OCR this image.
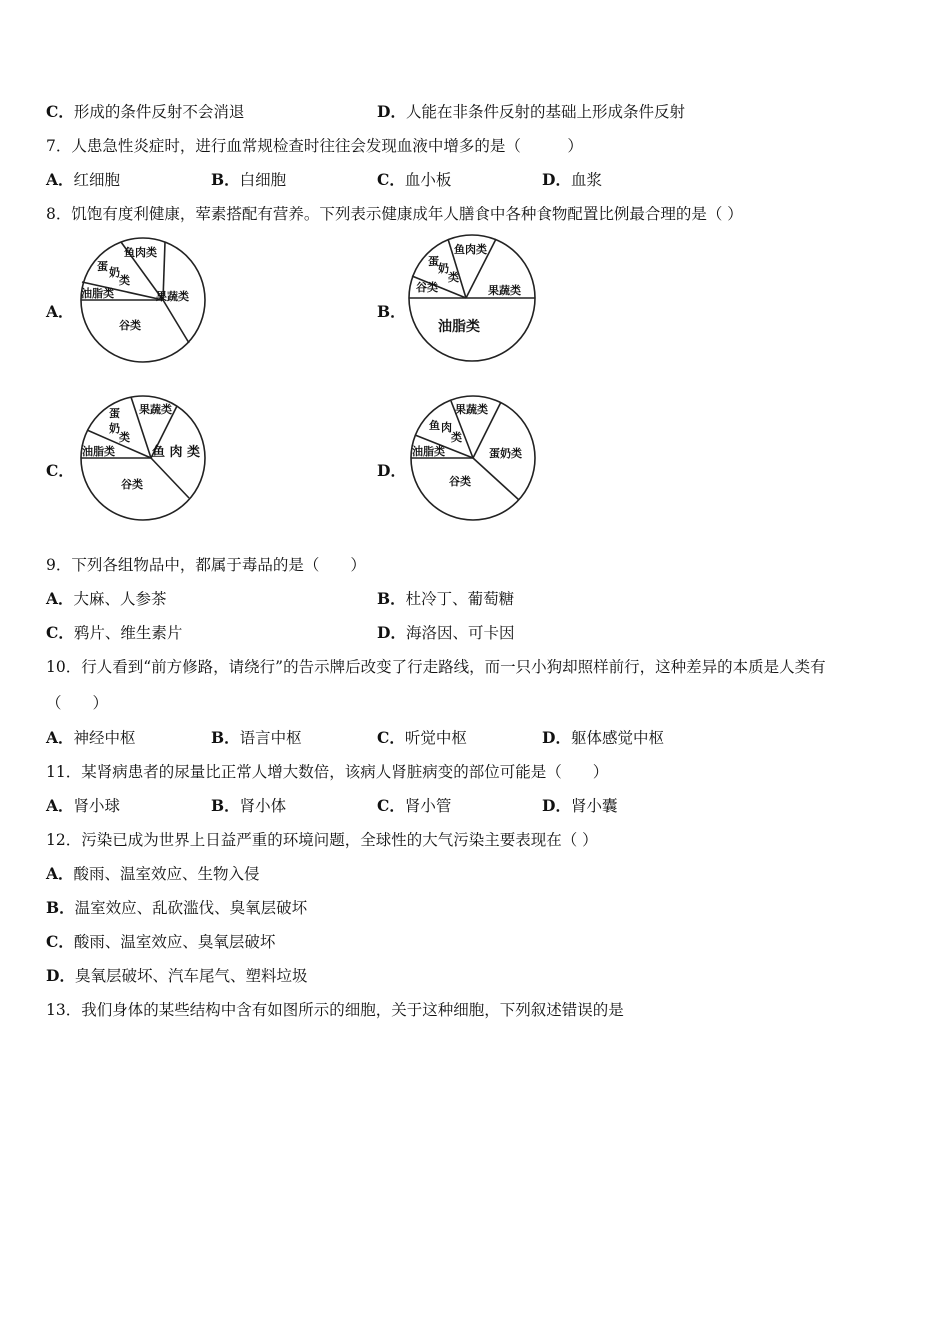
C．形成的条件反射不会消退	D．人能在非条件反射的基础上形成条件反射
7．人患急性炎症时，进行血常规检查时往往会发现血液中增多的是（　　　）
A．红细胞	B．白细胞	C．血小板	D．血浆
8．饥饱有度利健康，荤素搭配有营养。下列表示健康成年人膳食中各种食物配置比例最合理的是（ ）
A．
鱼肉类
蛋 奶
类
油脂类	果蔬类
谷类
B．
鱼肉类
蛋
奶
类
谷类	果蔬类
油脂类
C．
果蔬类
蛋
奶
类
油脂类	鱼 肉 类
谷类
D．
果蔬类
鱼 肉
类
油脂类	蛋奶类
谷类
9．下列各组物品中，都属于毒品的是（　　）
A．大麻、人参茶	B．杜冷丁、葡萄糖
C．鸦片、维生素片	D．海洛因、可卡因
10．行人看到“前方修路，请绕行”的告示牌后改变了行走路线，而一只小狗却照样前行，这种差异的本质是人类有
（　　）
A．神经中枢	B．语言中枢	C．听觉中枢	D．躯体感觉中枢
11．某肾病患者的尿量比正常人增大数倍，该病人肾脏病变的部位可能是（　　）
A．肾小球	B．肾小体	C．肾小管	D．肾小囊
12．污染已成为世界上日益严重的环境问题，全球性的大气污染主要表现在（ ）
A．酸雨、温室效应、生物入侵
B．温室效应、乱砍滥伐、臭氧层破坏
C．酸雨、温室效应、臭氧层破坏
D．臭氧层破坏、汽车尾气、塑料垃圾
13．我们身体的某些结构中含有如图所示的细胞，关于这种细胞，下列叙述错误的是
